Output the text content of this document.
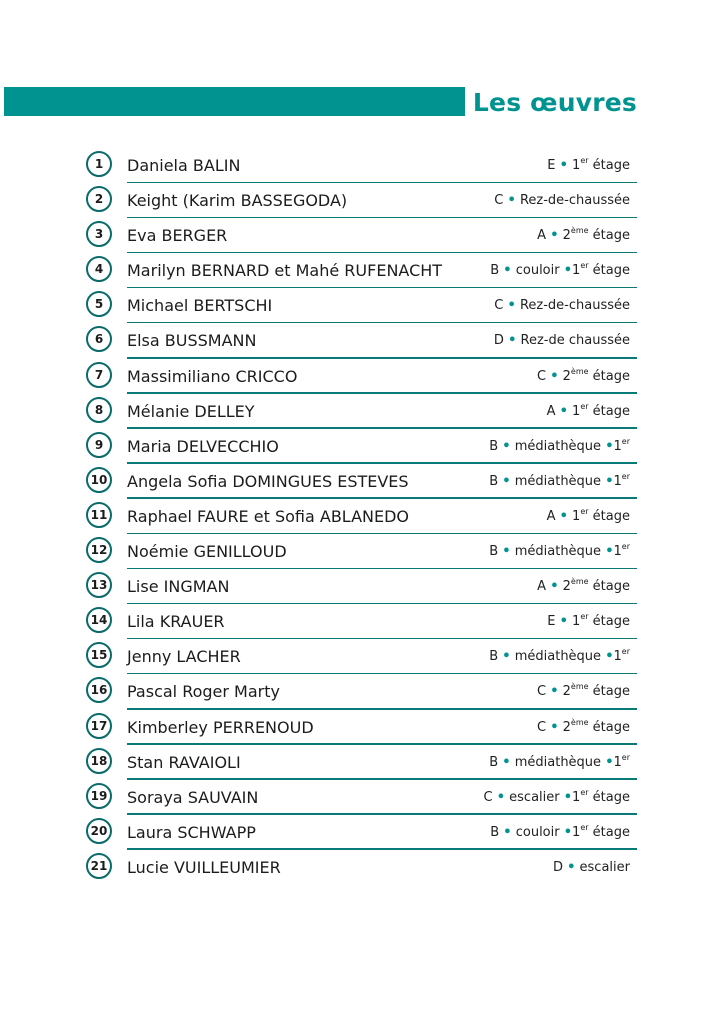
Les œuvres
1	Daniela BALIN	E • 1er étage
2	Keight (Karim BASSEGODA)	C • Rez-de-chaussée
3	Eva BERGER	A • 2ème étage
4	Marilyn BERNARD et Mahé RUFENACHT	B • couloir •1er étage
5	Michael BERTSCHI	C • Rez-de-chaussée
6	Elsa BUSSMANN	D • Rez-de chaussée
7	Massimiliano CRICCO	C • 2ème étage
8	Mélanie DELLEY	A • 1er étage
9	Maria DELVECCHIO	B • médiathèque •1er
10 Angela Sofia DOMINGUES ESTEVES	B • médiathèque •1er
11 Raphael FAURE et Sofia ABLANEDO	A • 1er étage
12 Noémie GENILLOUD	B • médiathèque •1er
13 Lise INGMAN	A • 2ème étage
14 Lila KRAUER	E • 1er étage
15 Jenny LACHER	B • médiathèque •1er
16 Pascal Roger Marty	C • 2ème étage
17 Kimberley PERRENOUD	C • 2ème étage
18 Stan RAVAIOLI	B • médiathèque •1er
19 Soraya SAUVAIN	C • escalier •1er étage
20 Laura SCHWAPP	B • couloir •1er étage
21 Lucie VUILLEUMIER	D • escalier
